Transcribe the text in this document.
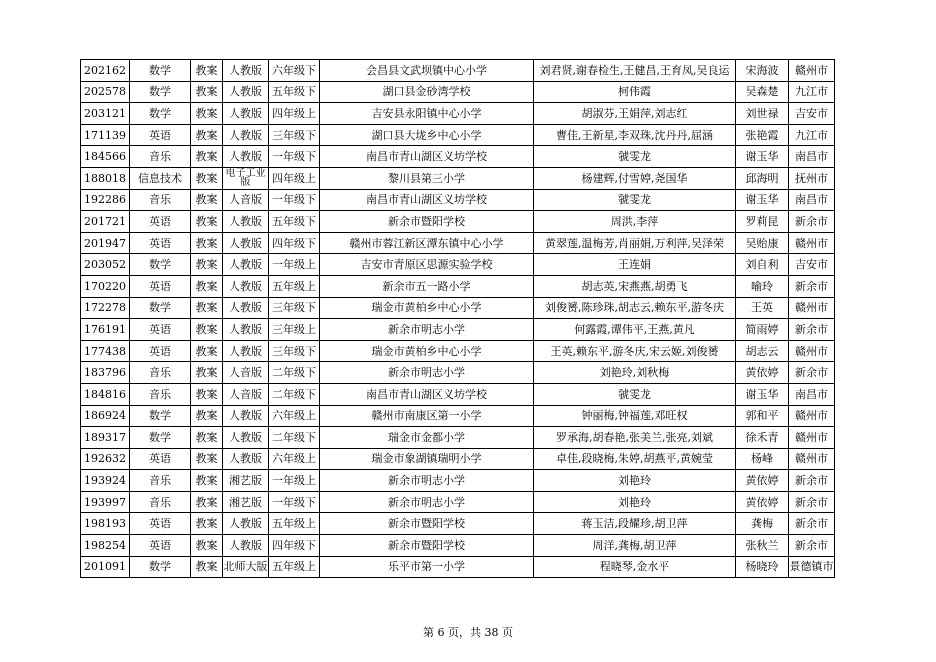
202162	数学	教案	人教版	六年级下	会昌县文武坝镇中心小学	刘君贤,谢春检生,王健昌,王育凤,吴良运	宋海波	赣州市
202578	数学	教案	人教版	五年级下	湖口县金砂湾学校	柯伟霞	吴森楚	九江市
203121	数学	教案	人教版	四年级上	吉安县永阳镇中心小学	胡淑芬,王娟萍,刘志红	刘世禄	吉安市
171139	英语	教案	人教版	三年级下	湖口县大垅乡中心小学	曹佳,王新星,李双珠,沈丹丹,屈涵	张艳霞	九江市
184566	音乐	教案	人教版	一年级下	南昌市青山湖区义坊学校	虢雯龙	谢玉华	南昌市
188018	信息技术	教案	电子工业版	四年级上	黎川县第三小学	杨建辉,付雪婷,尧国华	邱海明	抚州市
192286	音乐	教案	人音版	一年级下	南昌市青山湖区义坊学校	虢雯龙	谢玉华	南昌市
201721	英语	教案	人教版	五年级下	新余市暨阳学校	周洪,李萍	罗莉昆	新余市
201947	英语	教案	人教版	四年级下	赣州市蓉江新区潭东镇中心小学	黄翠莲,温梅芳,肖丽娟,万利萍,吴泽荣	吴贻康	赣州市
203052	数学	教案	人教版	一年级上	吉安市青原区思源实验学校	王连娟	刘自利	吉安市
170220	英语	教案	人教版	五年级上	新余市五一路小学	胡志英,宋燕燕,胡勇飞	喻玲	新余市
172278	数学	教案	人教版	三年级下	瑞金市黄柏乡中心小学	刘俊赟,陈珍珠,胡志云,赖东平,游冬庆	王英	赣州市
176191	英语	教案	人教版	三年级上	新余市明志小学	何露霞,谭伟平,王燕,黄凡	简雨婷	新余市
177438	英语	教案	人教版	三年级下	瑞金市黄柏乡中心小学	王英,赖东平,游冬庆,宋云姬,刘俊赟	胡志云	赣州市
183796	音乐	教案	人音版	二年级下	新余市明志小学	刘艳玲,刘秋梅	黄依婷	新余市
184816	音乐	教案	人音版	二年级下	南昌市青山湖区义坊学校	虢雯龙	谢玉华	南昌市
186924	数学	教案	人教版	六年级上	赣州市南康区第一小学	钟丽梅,钟福莲,邓旺权	郭和平	赣州市
189317	数学	教案	人教版	二年级下	瑞金市金都小学	罗承海,胡春艳,张美兰,张亮,刘斌	徐禾青	赣州市
192632	英语	教案	人教版	六年级上	瑞金市象湖镇瑞明小学	卓佳,段晓梅,朱婷,胡燕平,黄婉莹	杨峰	赣州市
193924	音乐	教案	湘艺版	一年级上	新余市明志小学	刘艳玲	黄依婷	新余市
193997	音乐	教案	湘艺版	一年级下	新余市明志小学	刘艳玲	黄依婷	新余市
198193	英语	教案	人教版	五年级上	新余市暨阳学校	蒋玉洁,段耀珍,胡卫萍	龚梅	新余市
198254	英语	教案	人教版	四年级下	新余市暨阳学校	周洋,龚梅,胡卫萍	张秋兰	新余市
201091	数学	教案	北师大版	五年级上	乐平市第一小学	程晓琴,金水平	杨晓玲	景德镇市
第 6 页，共 38 页
